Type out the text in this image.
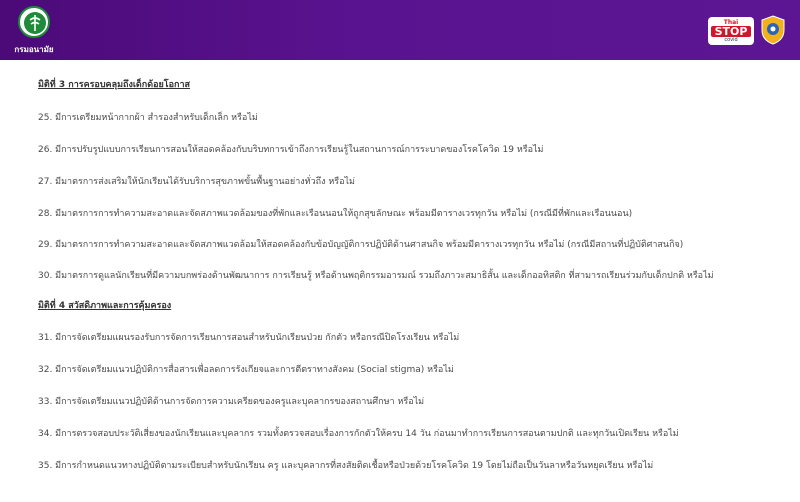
กรมอนามัย
Thai
STOP
covid
มิติที่ 3 การครอบคลุมถึงเด็กด้อยโอกาส
25. มีการเตรียมหน้ากากผ้า สำรองสำหรับเด็กเล็ก หรือไม่
26. มีการปรับรูปแบบการเรียนการสอนให้สอดคล้องกับบริบทการเข้าถึงการเรียนรู้ในสถานการณ์การระบาดของโรคโควิด 19 หรือไม่
27. มีมาตรการส่งเสริมให้นักเรียนได้รับบริการสุขภาพขั้นพื้นฐานอย่างทั่วถึง หรือไม่
28. มีมาตรการการทำความสะอาดและจัดสภาพแวดล้อมของที่พักและเรือนนอนให้ถูกสุขลักษณะ พร้อมมีตารางเวรทุกวัน หรือไม่ (กรณีมีที่พักและเรือนนอน)
29. มีมาตรการการทำความสะอาดและจัดสภาพแวดล้อมให้สอดคล้องกับข้อบัญญัติการปฏิบัติด้านศาสนกิจ พร้อมมีตารางเวรทุกวัน หรือไม่ (กรณีมีสถานที่ปฏิบัติศาสนกิจ)
30. มีมาตรการดูแลนักเรียนที่มีความบกพร่องด้านพัฒนาการ การเรียนรู้ หรือด้านพฤติกรรมอารมณ์ รวมถึงภาวะสมาธิสั้น และเด็กออทิสติก ที่สามารถเรียนร่วมกับเด็กปกติ หรือไม่
มิติที่ 4 สวัสดิภาพและการคุ้มครอง
31. มีการจัดเตรียมแผนรองรับการจัดการเรียนการสอนสำหรับนักเรียนป่วย กักตัว หรือกรณีปิดโรงเรียน หรือไม่
32. มีการจัดเตรียมแนวปฏิบัติการสื่อสารเพื่อลดการรังเกียจและการตีตราทางสังคม (Social stigma) หรือไม่
33. มีการจัดเตรียมแนวปฏิบัติด้านการจัดการความเครียดของครูและบุคลากรของสถานศึกษา หรือไม่
34. มีการตรวจสอบประวัติเสี่ยงของนักเรียนและบุคลากร รวมทั้งตรวจสอบเรื่องการกักตัวให้ครบ 14 วัน ก่อนมาทำการเรียนการสอนตามปกติ และทุกวันเปิดเรียน หรือไม่
35. มีการกำหนดแนวทางปฏิบัติตามระเบียบสำหรับนักเรียน ครู และบุคลากรที่สงสัยติดเชื้อหรือป่วยด้วยโรคโควิด 19 โดยไม่ถือเป็นวันลาหรือวันหยุดเรียน หรือไม่
